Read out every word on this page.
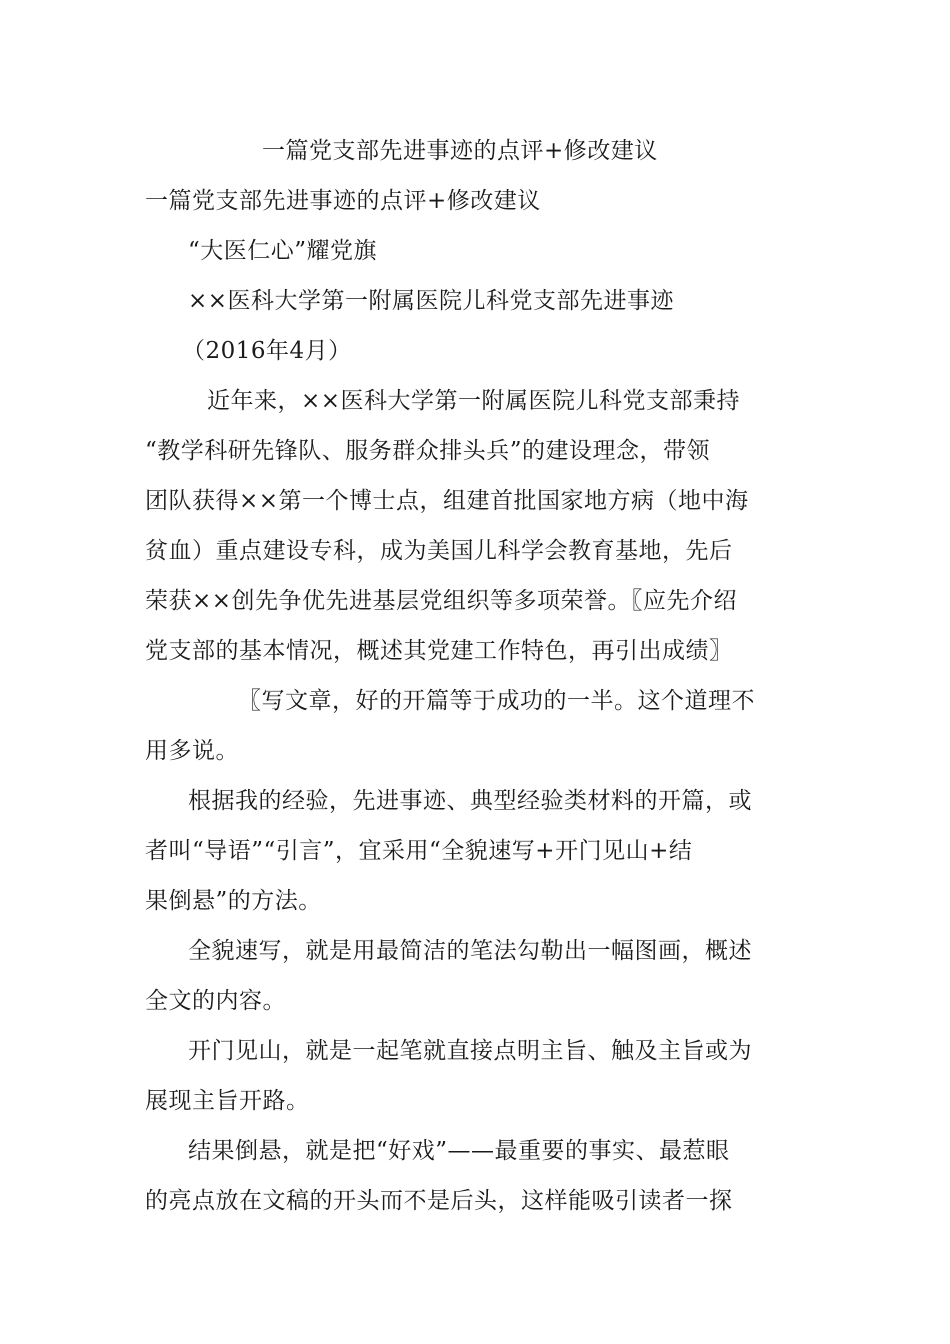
一篇党支部先进事迹的点评+修改建议
一篇党支部先进事迹的点评+修改建议
“大医仁心”耀党旗
××医科大学第一附属医院儿科党支部先进事迹
（2016年4月）
近年来，××医科大学第一附属医院儿科党支部秉持
“教学科研先锋队、服务群众排头兵”的建设理念，带领
团队获得××第一个博士点，组建首批国家地方病（地中海
贫血）重点建设专科，成为美国儿科学会教育基地，先后
荣获××创先争优先进基层党组织等多项荣誉。〖应先介绍
党支部的基本情况，概述其党建工作特色，再引出成绩〗
〖写文章，好的开篇等于成功的一半。这个道理不
用多说。
根据我的经验，先进事迹、典型经验类材料的开篇，或
者叫“导语”“引言”，宜采用“全貌速写+开门见山+结
果倒悬”的方法。
全貌速写，就是用最简洁的笔法勾勒出一幅图画，概述
全文的内容。
开门见山，就是一起笔就直接点明主旨、触及主旨或为
展现主旨开路。
结果倒悬，就是把“好戏”——最重要的事实、最惹眼
的亮点放在文稿的开头而不是后头，这样能吸引读者一探
